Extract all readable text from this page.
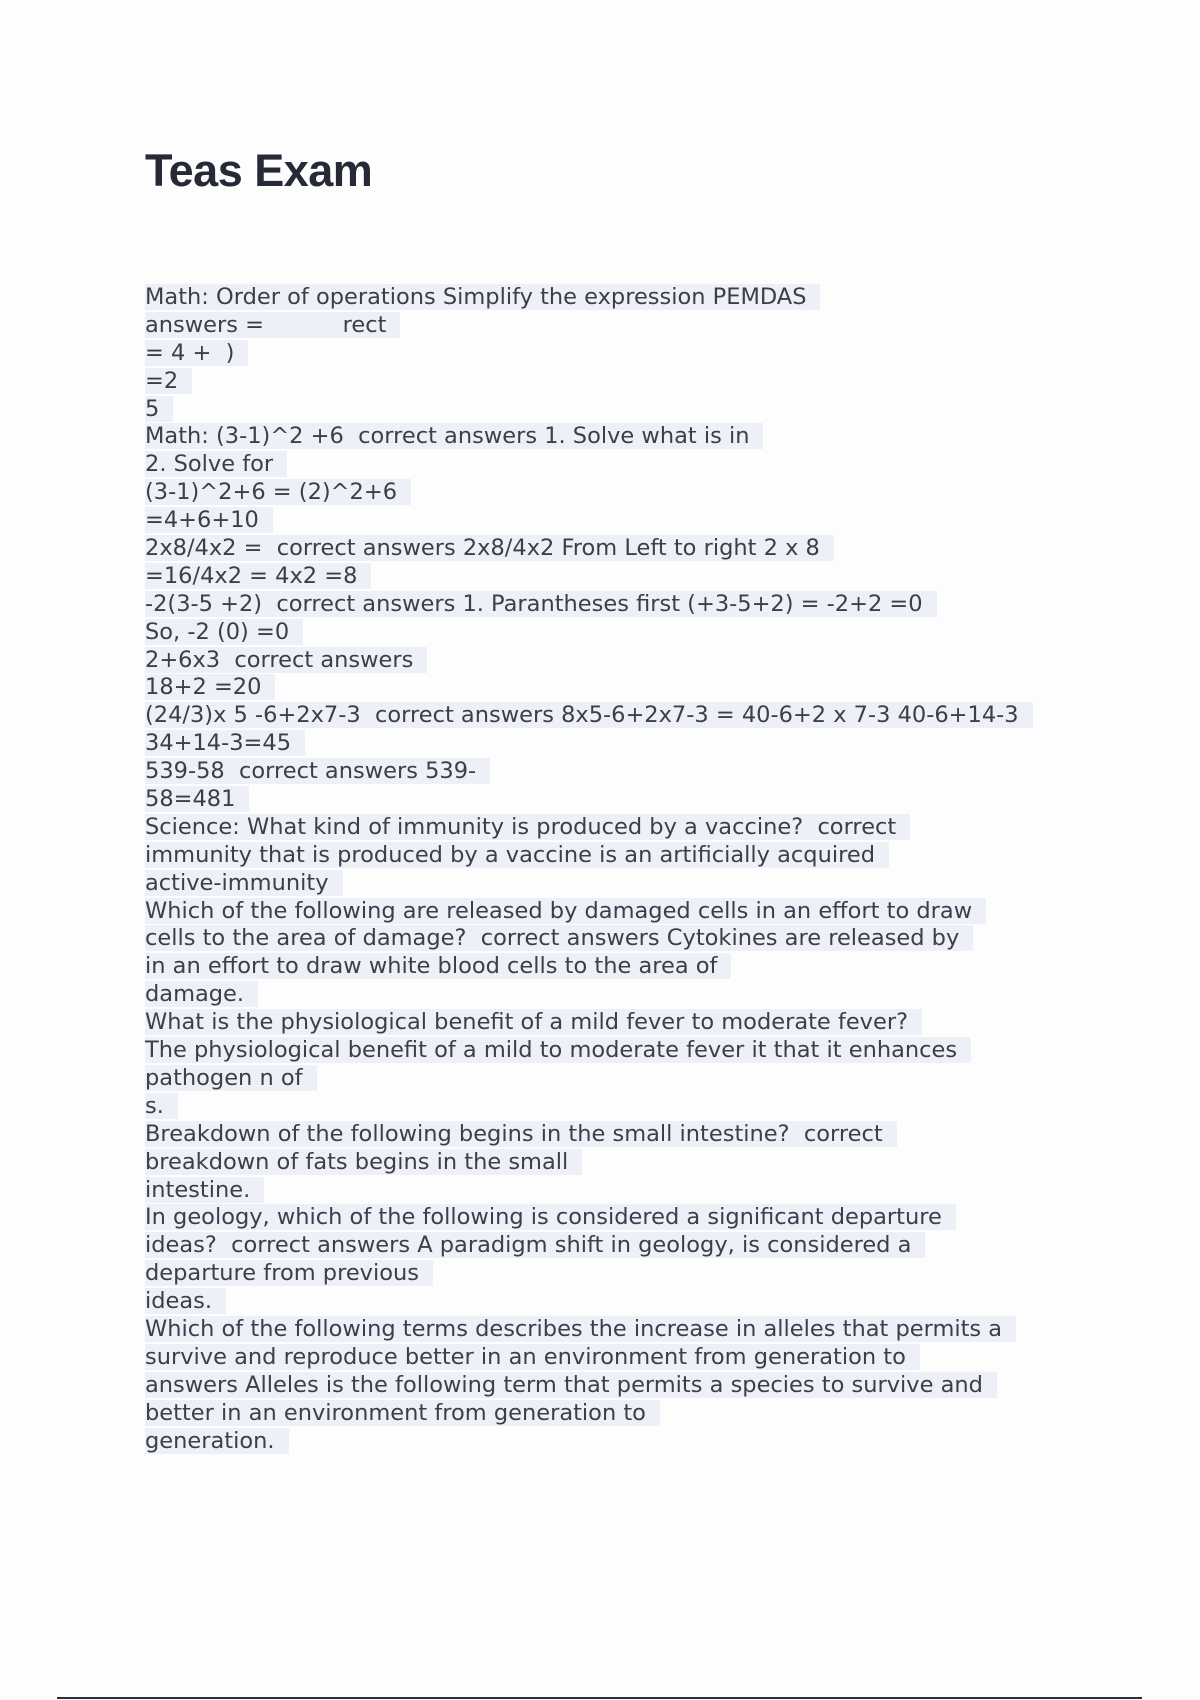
Teas Exam
Math: Order of operations Simplify the expression PEMDAS
answers =           rect
= 4 +  )
=2
5
Math: (3-1)^2 +6  correct answers 1. Solve what is in
2. Solve for
(3-1)^2+6 = (2)^2+6
=4+6+10
2x8/4x2 =  correct answers 2x8/4x2 From Left to right 2 x 8
=16/4x2 = 4x2 =8
-2(3-5 +2)  correct answers 1. Parantheses first (+3-5+2) = -2+2 =0
So, -2 (0) =0
2+6x3  correct answers
18+2 =20
(24/3)x 5 -6+2x7-3  correct answers 8x5-6+2x7-3 = 40-6+2 x 7-3 40-6+14-3
34+14-3=45
539-58  correct answers 539-
58=481
Science: What kind of immunity is produced by a vaccine?  correct
immunity that is produced by a vaccine is an artificially acquired
active-immunity
Which of the following are released by damaged cells in an effort to draw
cells to the area of damage?  correct answers Cytokines are released by
in an effort to draw white blood cells to the area of
damage.
What is the physiological benefit of a mild fever to moderate fever?
The physiological benefit of a mild to moderate fever it that it enhances
pathogen n of
s.
Breakdown of the following begins in the small intestine?  correct
breakdown of fats begins in the small
intestine.
In geology, which of the following is considered a significant departure
ideas?  correct answers A paradigm shift in geology, is considered a
departure from previous
ideas.
Which of the following terms describes the increase in alleles that permits a
survive and reproduce better in an environment from generation to
answers Alleles is the following term that permits a species to survive and
better in an environment from generation to
generation.
